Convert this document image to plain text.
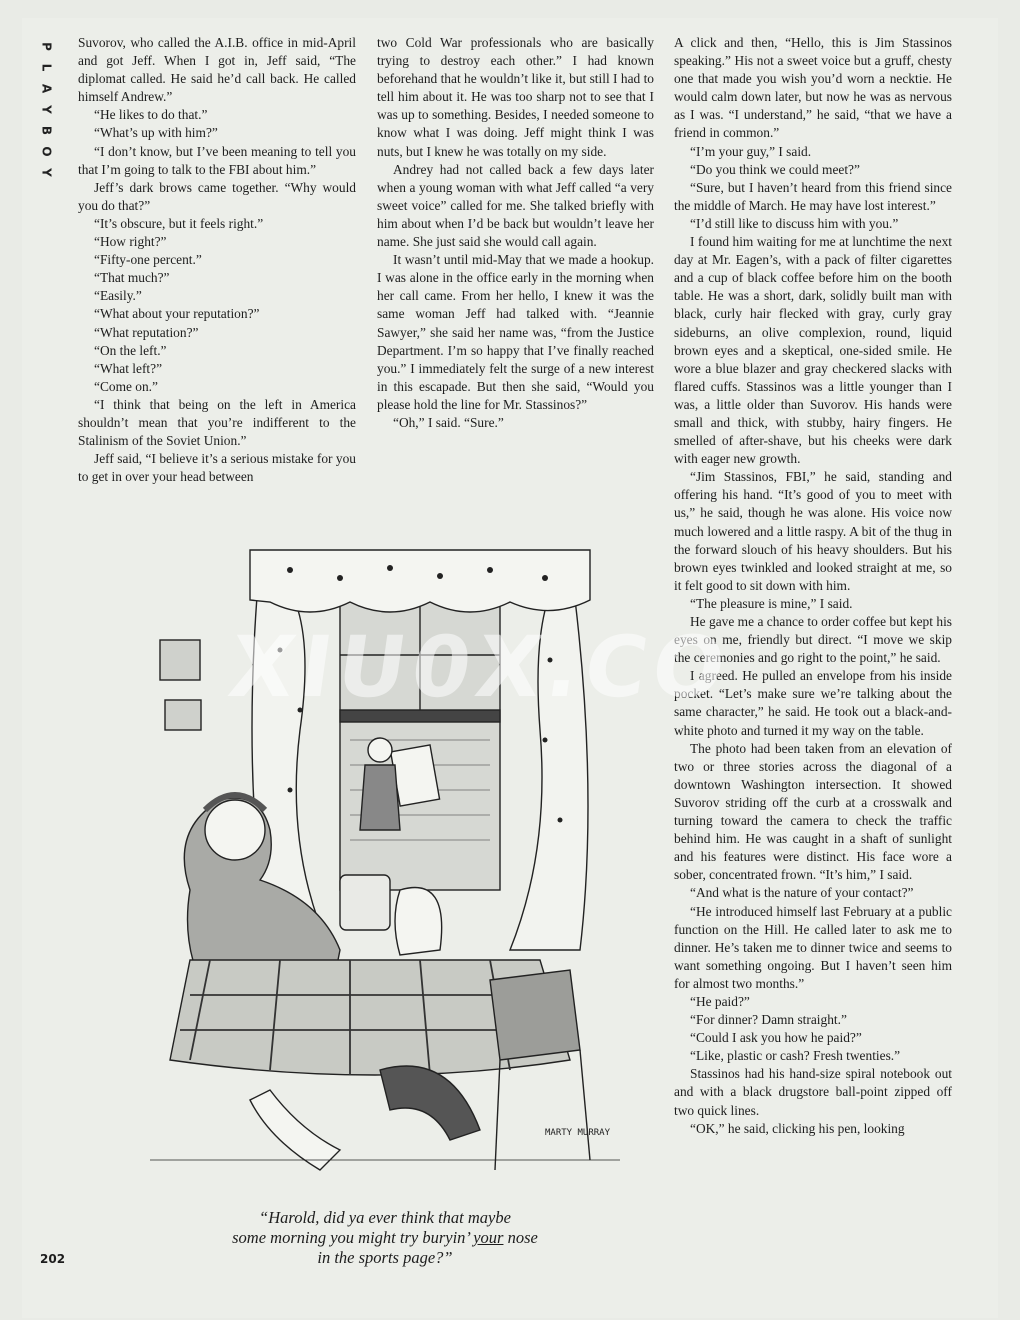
P
L
A
Y
B
O
Y

Suvorov, who called the A.I.B. office in mid-April and got Jeff. When I got in, Jeff said, “The diplomat called. He said he’d call back. He called himself Andrew.”

“He likes to do that.”

“What’s up with him?”

“I don’t know, but I’ve been meaning to tell you that I’m going to talk to the FBI about him.”

Jeff’s dark brows came together. “Why would you do that?”

“It’s obscure, but it feels right.”

“How right?”

“Fifty-one percent.”

“That much?”

“Easily.”

“What about your reputation?”

“What reputation?”

“On the left.”

“What left?”

“Come on.”

“I think that being on the left in America shouldn’t mean that you’re indifferent to the Stalinism of the Soviet Union.”

Jeff said, “I believe it’s a serious mistake for you to get in over your head between

two Cold War professionals who are basically trying to destroy each other.” I had known beforehand that he wouldn’t like it, but still I had to tell him about it. He was too sharp not to see that I was up to something. Besides, I needed someone to know what I was doing. Jeff might think I was nuts, but I knew he was totally on my side.

Andrey had not called back a few days later when a young woman with what Jeff called “a very sweet voice” called for me. She talked briefly with him about when I’d be back but wouldn’t leave her name. She just said she would call again.

It wasn’t until mid-May that we made a hookup. I was alone in the office early in the morning when her call came. From her hello, I knew it was the same woman Jeff had talked with. “Jeannie Sawyer,” she said her name was, “from the Justice Department. I’m so happy that I’ve finally reached you.” I immediately felt the surge of a new interest in this escapade. But then she said, “Would you please hold the line for Mr. Stassinos?”

“Oh,” I said. “Sure.”

A click and then, “Hello, this is Jim Stassinos speaking.” His not a sweet voice but a gruff, chesty one that made you wish you’d worn a necktie. He would calm down later, but now he was as nervous as I was. “I understand,” he said, “that we have a friend in common.”

“I’m your guy,” I said.

“Do you think we could meet?”

“Sure, but I haven’t heard from this friend since the middle of March. He may have lost interest.”

“I’d still like to discuss him with you.”

I found him waiting for me at lunchtime the next day at Mr. Eagen’s, with a pack of filter cigarettes and a cup of black coffee before him on the booth table. He was a short, dark, solidly built man with black, curly hair flecked with gray, curly gray sideburns, an olive complexion, round, liquid brown eyes and a skeptical, one-sided smile. He wore a blue blazer and gray checkered slacks with flared cuffs. Stassinos was a little younger than I was, a little older than Suvorov. His hands were small and thick, with stubby, hairy fingers. He smelled of after-shave, but his cheeks were dark with eager new growth.

“Jim Stassinos, FBI,” he said, standing and offering his hand. “It’s good of you to meet with us,” he said, though he was alone. His voice now much lowered and a little raspy. A bit of the thug in the forward slouch of his heavy shoulders. But his brown eyes twinkled and looked straight at me, so it felt good to sit down with him.

“The pleasure is mine,” I said.

He gave me a chance to order coffee but kept his eyes on me, friendly but direct. “I move we skip the ceremonies and go right to the point,” he said.

I agreed. He pulled an envelope from his inside pocket. “Let’s make sure we’re talking about the same character,” he said. He took out a black-and-white photo and turned it my way on the table.

The photo had been taken from an elevation of two or three stories across the diagonal of a downtown Washington intersection. It showed Suvorov striding off the curb at a crosswalk and turning toward the camera to check the traffic behind him. He was caught in a shaft of sunlight and his features were distinct. His face wore a sober, concentrated frown. “It’s him,” I said.

“And what is the nature of your contact?”

“He introduced himself last February at a public function on the Hill. He called later to ask me to dinner. He’s taken me to dinner twice and seems to want something ongoing. But I haven’t seen him for almost two months.”

“He paid?”

“For dinner? Damn straight.”

“Could I ask you how he paid?”

“Like, plastic or cash? Fresh twenties.”

Stassinos had his hand-size spiral notebook out and with a black drugstore ball-point zipped off two quick lines.

“OK,” he said, clicking his pen, looking

MARTY MURRAY
“Harold, did ya ever think that maybe
some morning you might try buryin’ your nose
in the sports page?”
XIU0X.CO
202
